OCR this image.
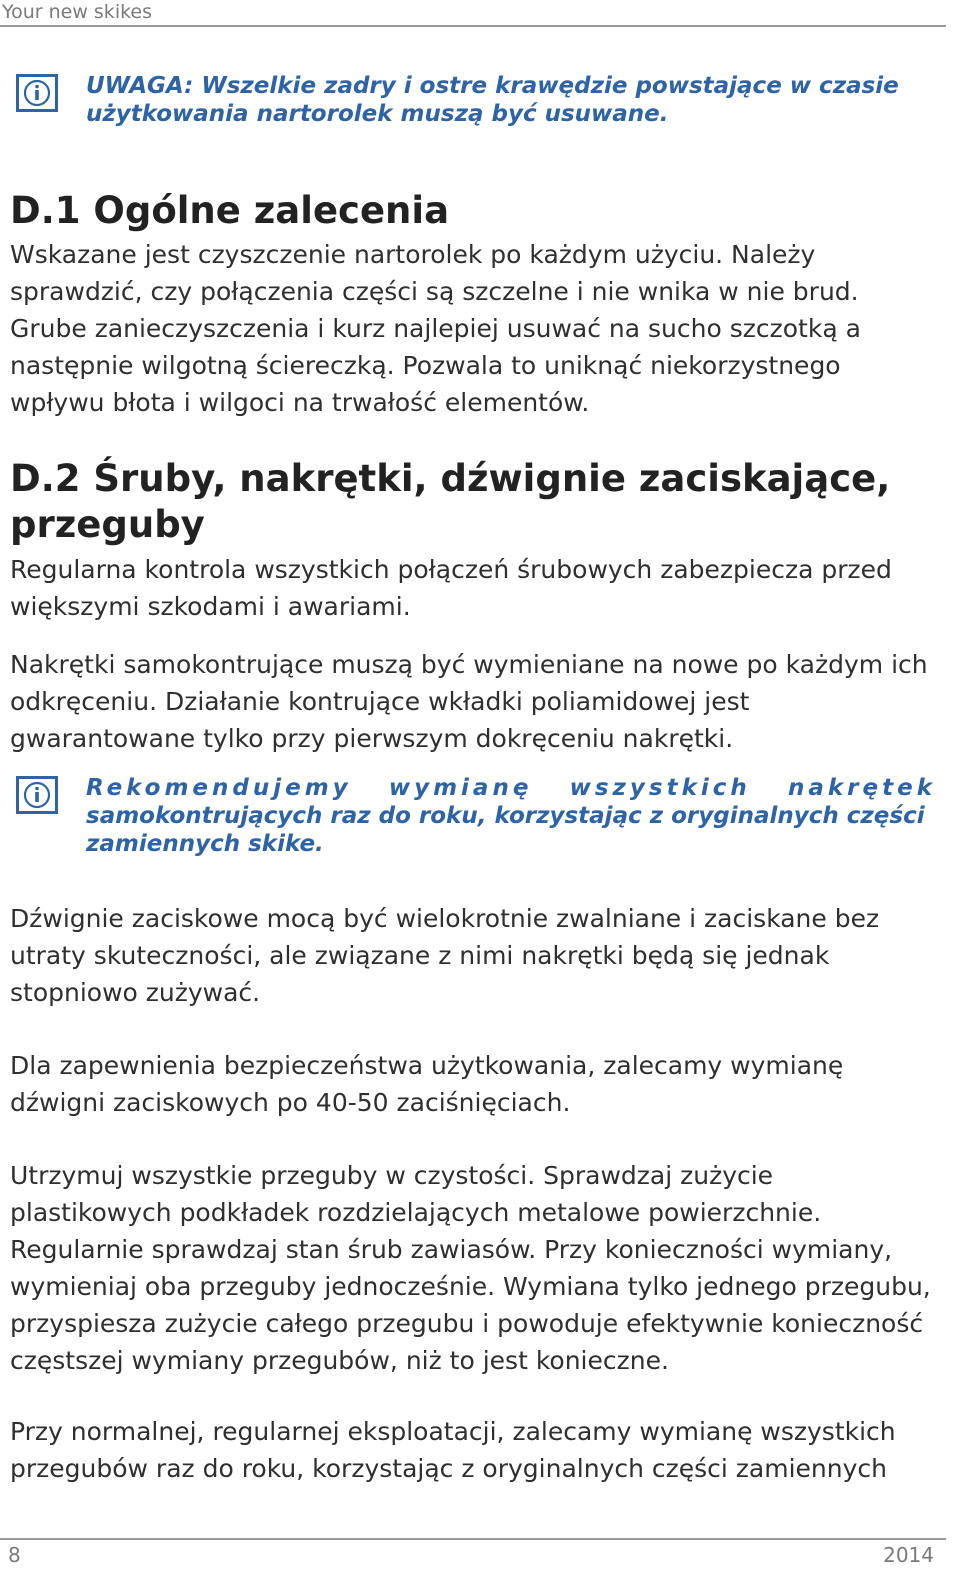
Your new skikes
UWAGA: Wszelkie zadry i ostre krawędzie powstające w czasie
użytkowania nartorolek muszą być usuwane.
D.1 Ogólne zalecenia

Wskazane jest czyszczenie nartorolek po każdym użyciu. Należy sprawdzić, czy połączenia części są szczelne i nie wnika w nie brud. Grube zanieczyszczenia i kurz najlepiej usuwać na sucho szczotką a następnie wilgotną ściereczką. Pozwala to uniknąć niekorzystnego wpływu błota i wilgoci na trwałość elementów.

D.2 Śruby, nakrętki, dźwignie zaciskające, przeguby

Regularna kontrola wszystkich połączeń śrubowych zabezpiecza przed większymi szkodami i awariami.

Nakrętki samokontrujące muszą być wymieniane na nowe po każdym ich odkręceniu. Działanie kontrujące wkładki poliamidowej jest gwarantowane tylko przy pierwszym dokręceniu nakrętki.

Rekomendujemy wymianę wszystkich nakrętek
samokontrujących raz do roku, korzystając z oryginalnych części
zamiennych skike.

Dźwignie zaciskowe mocą być wielokrotnie zwalniane i zaciskane bez utraty skuteczności, ale związane z nimi nakrętki będą się jednak stopniowo zużywać.

Dla zapewnienia bezpieczeństwa użytkowania, zalecamy wymianę dźwigni zaciskowych po 40-50 zaciśnięciach.

Utrzymuj wszystkie przeguby w czystości. Sprawdzaj zużycie plastikowych podkładek rozdzielających metalowe powierzchnie. Regularnie sprawdzaj stan śrub zawiasów. Przy konieczności wymiany, wymieniaj oba przeguby jednocześnie. Wymiana tylko jednego przegubu, przyspiesza zużycie całego przegubu i powoduje efektywnie konieczność częstszej wymiany przegubów, niż to jest konieczne.

Przy normalnej, regularnej eksploatacji, zalecamy wymianę wszystkich przegubów raz do roku, korzystając z oryginalnych części zamiennych

8	2014
